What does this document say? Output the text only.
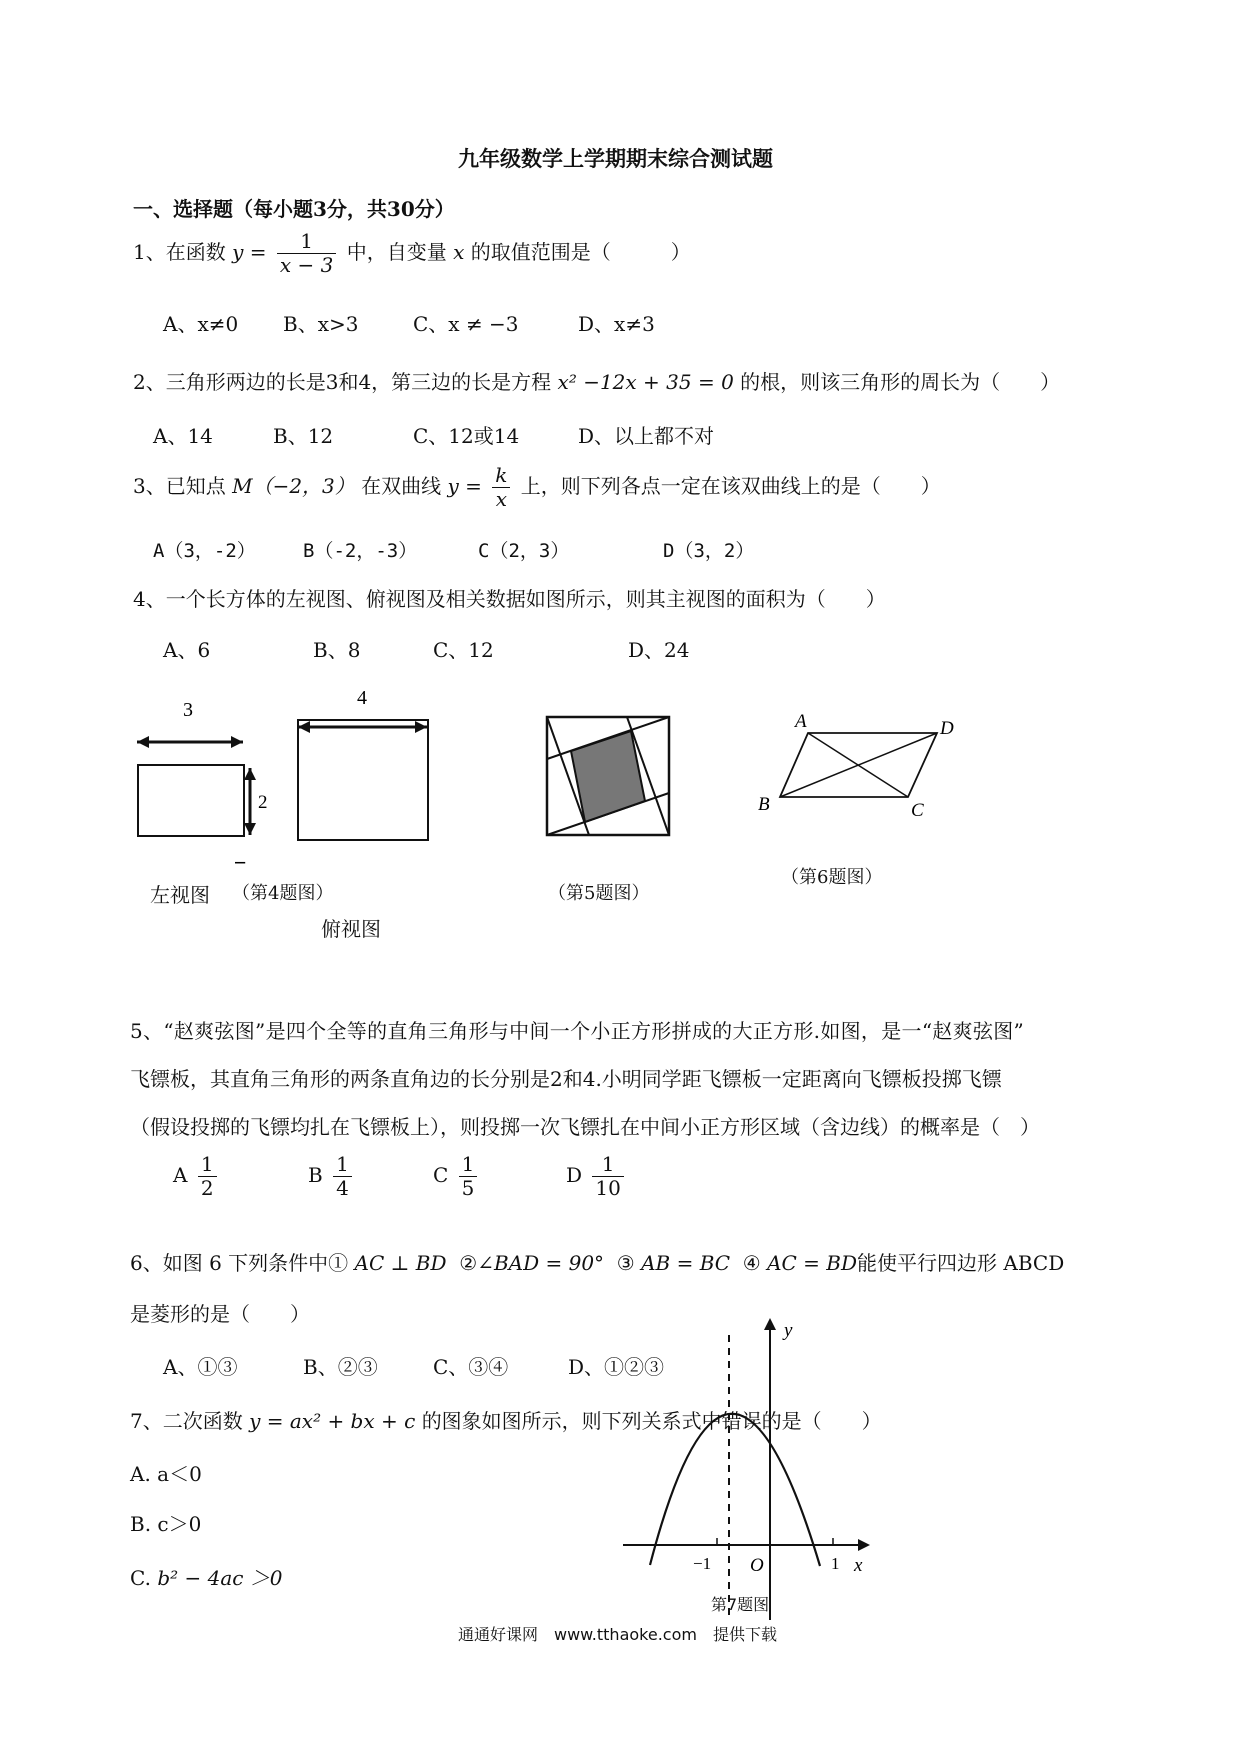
九年级数学上学期期末综合测试题
一、选择题（每小题3分，共30分）
1、在函数 $y = \frac{1}{x - 3}$ 中，自变量 x 的取值范围是（　　　）
A、x≠0 B、x>3	C、x ≠ −3	D、x≠3
2、三角形两边的长是3和4，第三边的长是方程 x² −12x + 35 = 0 的根，则该三角形的周长为（　　）
A、14	B、12	C、12或14	D、以上都不对
3、已知点 M（−2，3） 在双曲线 $y = \frac{k}{x}$ 上，则下列各点一定在该双曲线上的是（　　）
A（3，-2） B（-2，-3）	C（2，3）	D（3，2）
4、一个长方体的左视图、俯视图及相关数据如图所示，则其主视图的面积为（　　）
A、6	B、8	C、12	D、24
3
2
−
4
A	D
B	C
y
x
−1 O	1
左视图 （第4题图）
俯视图
（第5题图）
（第6题图）
5、“赵爽弦图”是四个全等的直角三角形与中间一个小正方形拼成的大正方形.如图，是一“赵爽弦图”
飞镖板，其直角三角形的两条直角边的长分别是2和4.小明同学距飞镖板一定距离向飞镖板投掷飞镖
（假设投掷的飞镖均扎在飞镖板上），则投掷一次飞镖扎在中间小正方形区域（含边线）的概率是（　）
A $\frac{1}{2}$	B $\frac{1}{4}$	C $\frac{1}{5}$	D $\frac{1}{10}$
6、如图 6 下列条件中① AC ⊥ BD ②∠BAD = 90° ③ AB = BC ④ AC = BD能使平行四边形 ABCD
是菱形的是（　　）
A、①③	B、②③	C、③④	D、①②③
7、二次函数 y = ax² + bx + c 的图象如图所示，则下列关系式中错误的是（　　）
A. a＜0
B. c＞0
C. b² − 4ac ＞0
第7题图
通通好课网　www.tthaoke.com　提供下载
